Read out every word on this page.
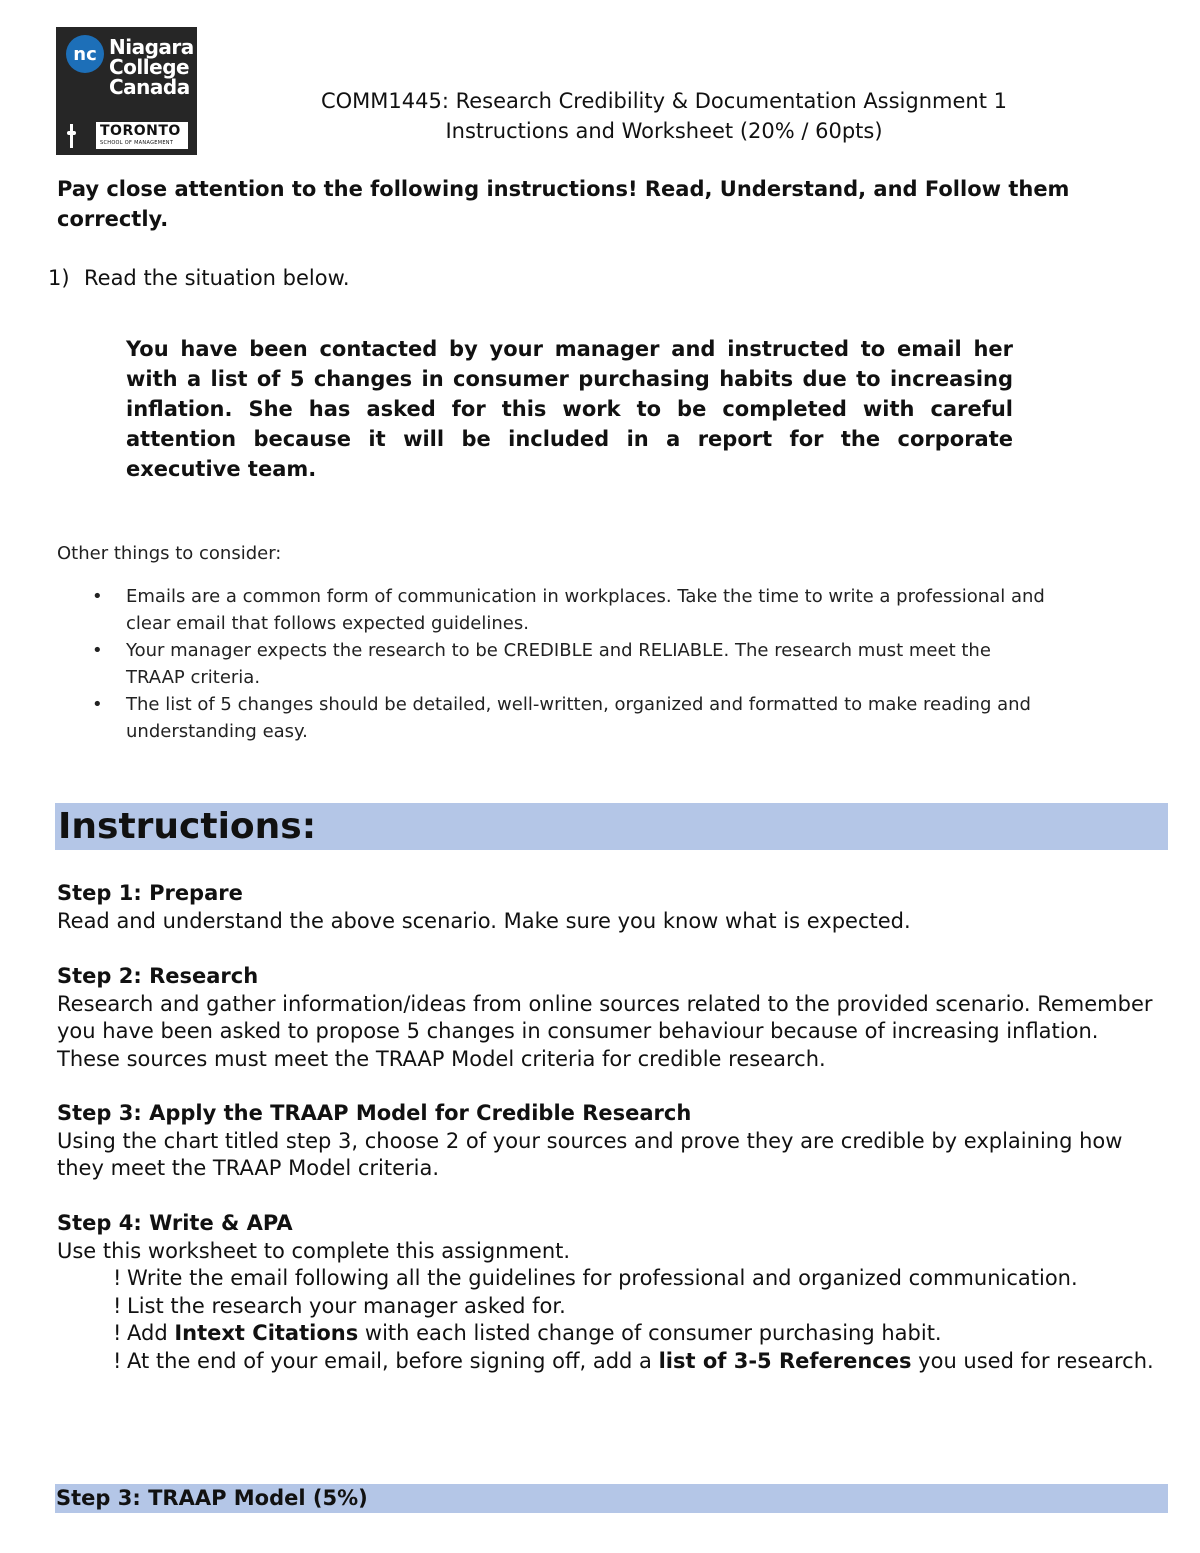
nc Niagara
College
Canada
TORONTO
SCHOOL OF MANAGEMENT
COMM1445: Research Credibility & Documentation Assignment 1
Instructions and Worksheet (20% / 60pts)
Pay close attention to the following instructions! Read, Understand, and Follow them correctly.
1) Read the situation below.
You have been contacted by your manager and instructed to email her with a list of 5 changes in consumer purchasing habits due to increasing inflation. She has asked for this work to be completed with careful attention because it will be included in a report for the corporate executive team.
Other things to consider:
• Emails are a common form of communication in workplaces. Take the time to write a professional and clear email that follows expected guidelines.
• Your manager expects the research to be CREDIBLE and RELIABLE. The research must meet the TRAAP criteria.
• The list of 5 changes should be detailed, well-written, organized and formatted to make reading and understanding easy.
Instructions:
Step 1: Prepare
Read and understand the above scenario. Make sure you know what is expected.
Step 2: Research
Research and gather information/ideas from online sources related to the provided scenario. Remember you have been asked to propose 5 changes in consumer behaviour because of increasing inflation. These sources must meet the TRAAP Model criteria for credible research.
Step 3: Apply the TRAAP Model for Credible Research
Using the chart titled step 3, choose 2 of your sources and prove they are credible by explaining how they meet the TRAAP Model criteria.
Step 4: Write & APA
Use this worksheet to complete this assignment.
! Write the email following all the guidelines for professional and organized communication.
! List the research your manager asked for.
! Add Intext Citations with each listed change of consumer purchasing habit.
! At the end of your email, before signing off, add a list of 3-5 References you used for research.
Step 3: TRAAP Model (5%)
